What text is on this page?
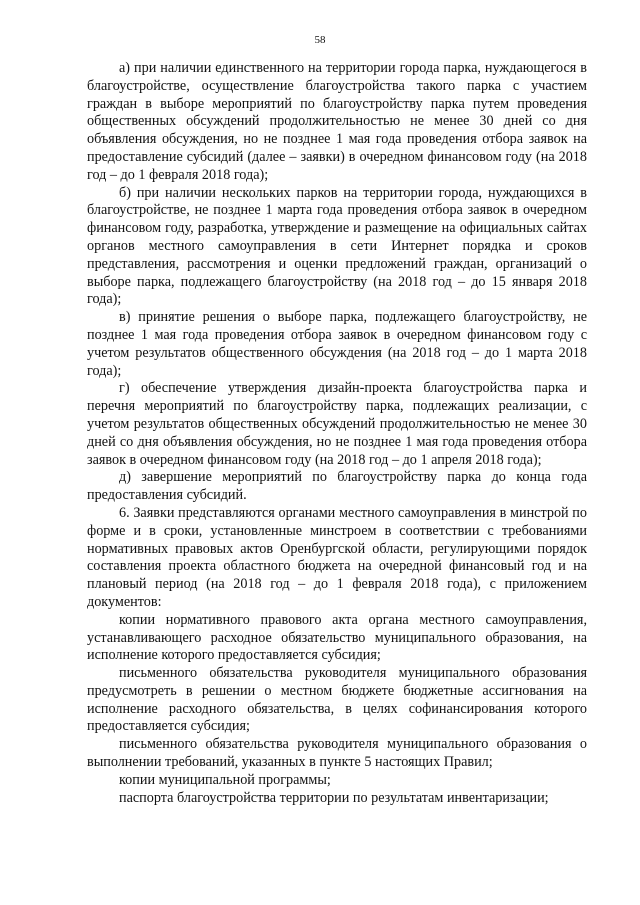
58

а) при наличии единственного на территории города парка, нуждающегося в благоустройстве, осуществление благоустройства такого парка с участием граждан в выборе мероприятий по благоустройству парка путем проведения общественных обсуждений продолжительностью не менее 30 дней со дня объявления обсуждения, но не позднее 1 мая года проведения отбора заявок на предоставление субсидий (далее – заявки) в очередном финансовом году (на 2018 год – до 1 февраля 2018 года);

б) при наличии нескольких парков на территории города, нуждающихся в благоустройстве, не позднее 1 марта года проведения отбора заявок в очередном финансовом году, разработка, утверждение и размещение на официальных сайтах органов местного самоуправления в сети Интернет порядка и сроков представления, рассмотрения и оценки предложений граждан, организаций о выборе парка, подлежащего благоустройству (на 2018 год – до 15 января 2018 года);

в) принятие решения о выборе парка, подлежащего благоустройству, не позднее 1 мая года проведения отбора заявок в очередном финансовом году с учетом результатов общественного обсуждения (на 2018 год – до 1 марта 2018 года);

г) обеспечение утверждения дизайн-проекта благоустройства парка и перечня мероприятий по благоустройству парка, подлежащих реализации, с учетом результатов общественных обсуждений продолжительностью не менее 30 дней со дня объявления обсуждения, но не позднее 1 мая года проведения отбора заявок в очередном финансовом году (на 2018 год – до 1 апреля 2018 года);

д) завершение мероприятий по благоустройству парка до конца года предоставления субсидий.

6. Заявки представляются органами местного самоуправления в минстрой по форме и в сроки, установленные минстроем в соответствии с требованиями нормативных правовых актов Оренбургской области, регулирующими порядок составления проекта областного бюджета на очередной финансовый год и на плановый период (на 2018 год – до 1 февраля 2018 года), с приложением документов:

копии нормативного правового акта органа местного самоуправления, устанавливающего расходное обязательство муниципального образования, на исполнение которого предоставляется субсидия;

письменного обязательства руководителя муниципального образования предусмотреть в решении о местном бюджете бюджетные ассигнования на исполнение расходного обязательства, в целях софинансирования которого предоставляется субсидия;

письменного обязательства руководителя муниципального образования о выполнении требований, указанных в пункте 5 настоящих Правил;

копии муниципальной программы;

паспорта благоустройства территории по результатам инвентаризации;
